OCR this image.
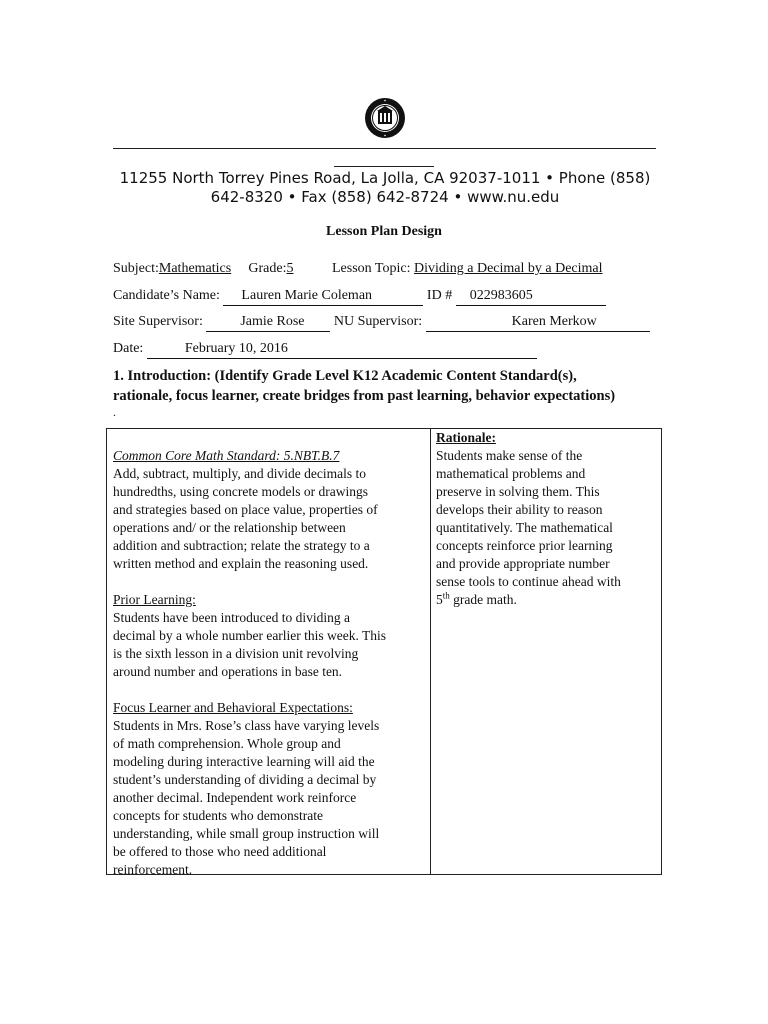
11255 North Torrey Pines Road, La Jolla, CA 92037-1011 • Phone (858)
642-8320 • Fax (858) 642-8724 • www.nu.edu
Lesson Plan Design
Subject:Mathematics Grade:5	Lesson Topic: Dividing a Decimal by a Decimal
Candidate’s Name: Lauren Marie Coleman	ID # 022983605
Site Supervisor:	Jamie Rose NU Supervisor:	Karen Merkow
Date:	February 10, 2016
1. Introduction: (Identify Grade Level K12 Academic Content Standard(s),
rationale, focus learner, create bridges from past learning, behavior expectations)
.

Common Core Math Standard: 5.NBT.B.7

Add, subtract, multiply, and divide decimals to

hundredths, using concrete models or drawings

and strategies based on place value, properties of

operations and/ or the relationship between

addition and subtraction; relate the strategy to a

written method and explain the reasoning used.

Prior Learning:

Students have been introduced to dividing a

decimal by a whole number earlier this week. This

is the sixth lesson in a division unit revolving

around number and operations in base ten.

Focus Learner and Behavioral Expectations:

Students in Mrs. Rose’s class have varying levels

of math comprehension. Whole group and

modeling during interactive learning will aid the

student’s understanding of dividing a decimal by

another decimal. Independent work reinforce

concepts for students who demonstrate

understanding, while small group instruction will

be offered to those who need additional

reinforcement.

Rationale:

Students make sense of the

mathematical problems and

preserve in solving them. This

develops their ability to reason

quantitatively. The mathematical

concepts reinforce prior learning

and provide appropriate number

sense tools to continue ahead with

5th grade math.
